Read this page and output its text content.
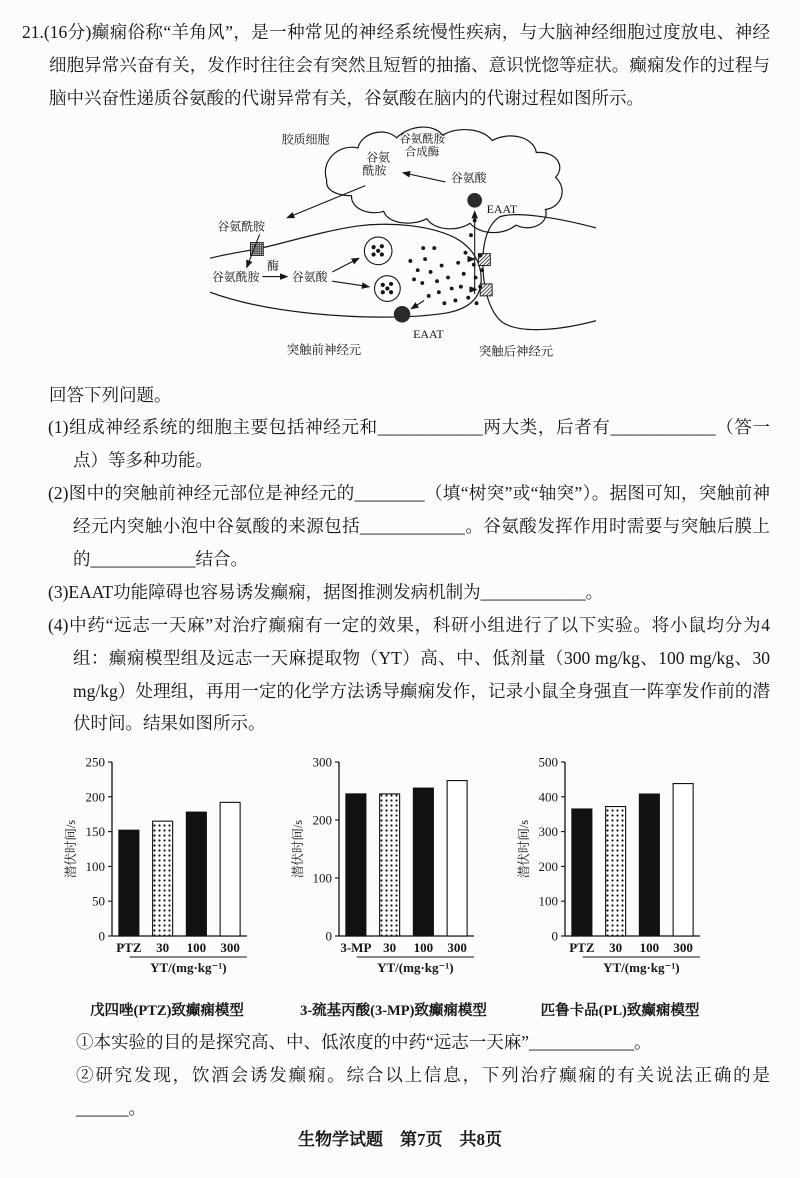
21.(16分)癫痫俗称“羊角风”，是一种常见的神经系统慢性疾病，与大脑神经细胞过度放电、神经细胞异常兴奋有关，发作时往往会有突然且短暂的抽搐、意识恍惚等症状。癫痫发作的过程与脑中兴奋性递质谷氨酸的代谢异常有关，谷氨酸在脑内的代谢过程如图所示。

胶质细胞	谷氨酰胺
合成酶
谷氨
酰胺
谷氨酸
EAAT
谷氨酰胺
谷氨酰胺
酶
谷氨酸
EAAT
突触前神经元	突触后神经元

回答下列问题。

(1)组成神经系统的细胞主要包括神经元和____________两大类，后者有____________（答一点）等多种功能。

(2)图中的突触前神经元部位是神经元的________（填“树突”或“轴突”）。据图可知，突触前神经元内突触小泡中谷氨酸的来源包括____________。谷氨酸发挥作用时需要与突触后膜上的____________结合。

(3)EAAT功能障碍也容易诱发癫痫，据图推测发病机制为____________。

(4)中药“远志一天麻”对治疗癫痫有一定的效果，科研小组进行了以下实验。将小鼠均分为4组：癫痫模型组及远志一天麻提取物（YT）高、中、低剂量（300 mg/kg、100 mg/kg、30 mg/kg）处理组，再用一定的化学方法诱导癫痫发作，记录小鼠全身强直一阵挛发作前的潜伏时间。结果如图所示。

0
50
100
150
200
250
PTZ 30 100 300
YT/(mg·kg⁻¹)
潜伏时间/s
戊四唑(PTZ)致癫痫模型
0
100
200
300
3-MP 30 100 300
YT/(mg·kg⁻¹)
潜伏时间/s
3-巯基丙酸(3-MP)致癫痫模型
0
100
200
300
400
500
PTZ 30 100 300
YT/(mg·kg⁻¹)
潜伏时间/s
匹鲁卡品(PL)致癫痫模型

①本实验的目的是探究高、中、低浓度的中药“远志一天麻”____________。

②研究发现，饮酒会诱发癫痫。综合以上信息，下列治疗癫痫的有关说法正确的是______。

生物学试题　第7页　共8页
